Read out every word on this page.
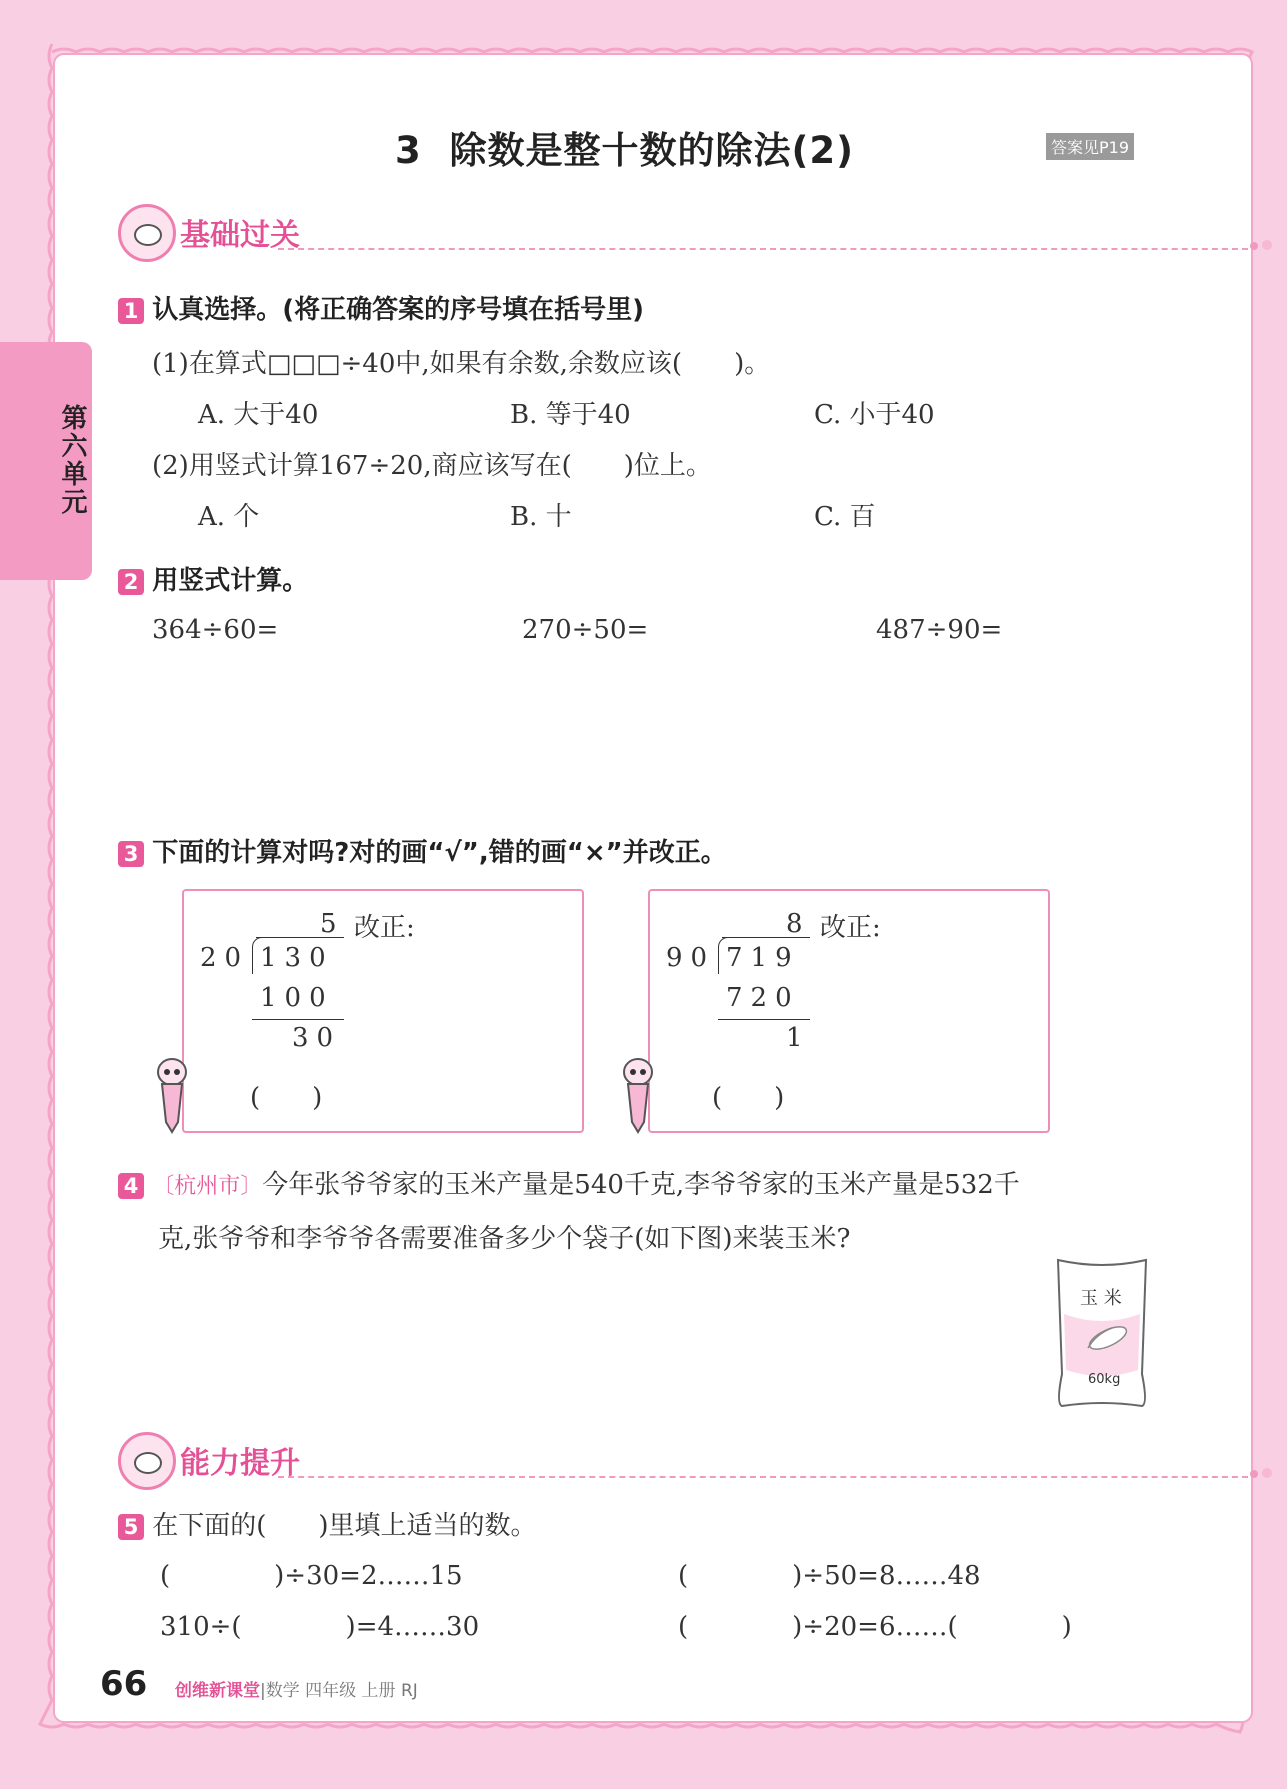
第六单元
3 除数是整十数的除法(2)	答案见P19
基础过关
1 认真选择。(将正确答案的序号填在括号里)
(1)在算式□□□÷40中,如果有余数,余数应该(　　)。
A. 大于40	B. 等于40	C. 小于40
(2)用竖式计算167÷20,商应该写在(　　)位上。
A. 个	B. 十	C. 百
2 用竖式计算。
364÷60=	270÷50=	487÷90=
3 下面的计算对吗?对的画“√”,错的画“×”并改正。
5 改正:
20 130
100
30
(　　)
8 改正:
90 719
720
1
(　　)
4 〔杭州市〕今年张爷爷家的玉米产量是540千克,李爷爷家的玉米产量是532千
克,张爷爷和李爷爷各需要准备多少个袋子(如下图)来装玉米?
玉 米
60kg
能力提升
5 在下面的(　　)里填上适当的数。
(　　　　)÷30=2……15	(　　　　)÷50=8……48
310÷(　　　　)=4……30	(　　　　)÷20=6……(　　　　)
66 创维新课堂|数学 四年级 上册 RJ
